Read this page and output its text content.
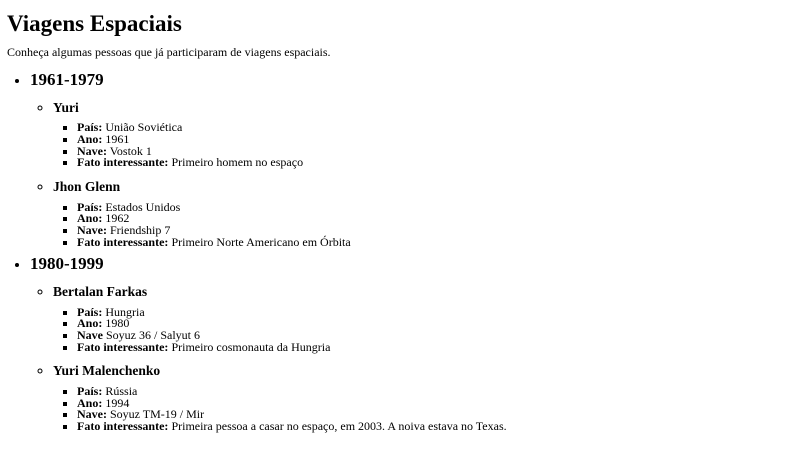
Viagens Espaciais

Conheça algumas pessoas que já participaram de viagens espaciais.

• 1961-1979
◦ Yuri
▪ País: União Soviética
▪ Ano: 1961
▪ Nave: Vostok 1
▪ Fato interessante: Primeiro homem no espaço
◦ Jhon Glenn
▪ País: Estados Unidos
▪ Ano: 1962
▪ Nave: Friendship 7
▪ Fato interessante: Primeiro Norte Americano em Órbita
• 1980-1999
◦ Bertalan Farkas
▪ País: Hungria
▪ Ano: 1980
▪ Nave Soyuz 36 / Salyut 6
▪ Fato interessante: Primeiro cosmonauta da Hungria
◦ Yuri Malenchenko
▪ País: Rússia
▪ Ano: 1994
▪ Nave: Soyuz TM-19 / Mir
▪ Fato interessante: Primeira pessoa a casar no espaço, em 2003. A noiva estava no Texas.
